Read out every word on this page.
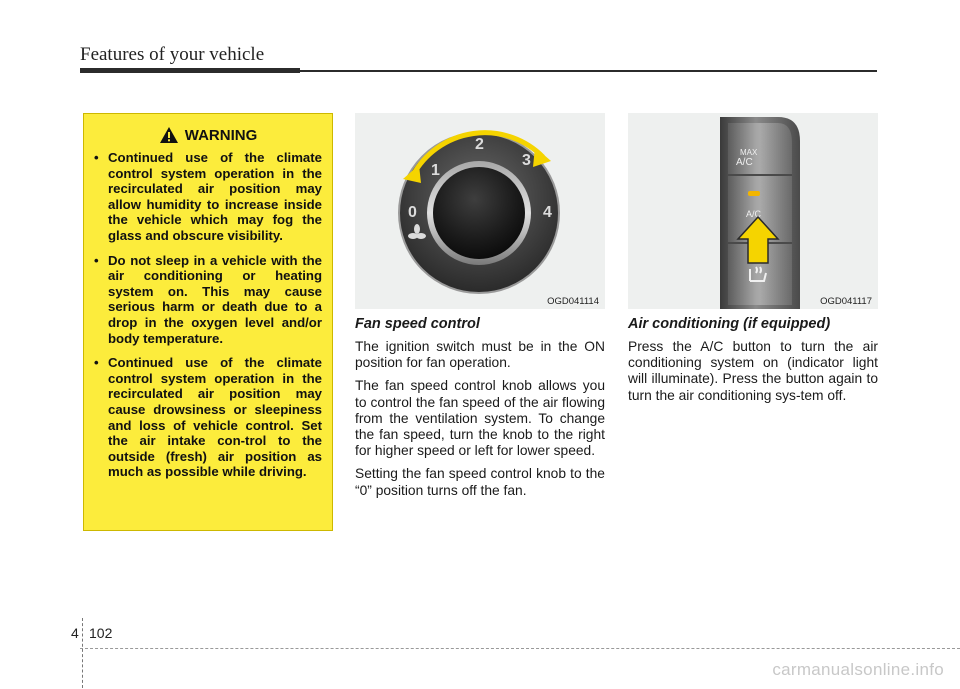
Features of your vehicle
WARNING
• Continued use of the climate control system operation in the recirculated air position may allow humidity to increase inside the vehicle which may fog the glass and obscure visibility.
• Do not sleep in a vehicle with the air conditioning or heating system on. This may cause serious harm or death due to a drop in the oxygen level and/or body temperature.
• Continued use of the climate control system operation in the recirculated air position may cause drowsiness or sleepiness and loss of vehicle control. Set the air intake con-trol to the outside (fresh) air position as much as possible while driving.
1
2
3
0	4
OGD041114
MAX
A/C
A/C
OGD041117
Fan speed control

The ignition switch must be in the ON position for fan operation.

The fan speed control knob allows you to control the fan speed of the air flowing from the ventilation system. To change the fan speed, turn the knob to the right for higher speed or left for lower speed.

Setting the fan speed control knob to the “0” position turns off the fan.

Air conditioning (if equipped)

Press the A/C button to turn the air conditioning system on (indicator light will illuminate). Press the button again to turn the air conditioning sys-tem off.

4 102
carmanualsonline.info
